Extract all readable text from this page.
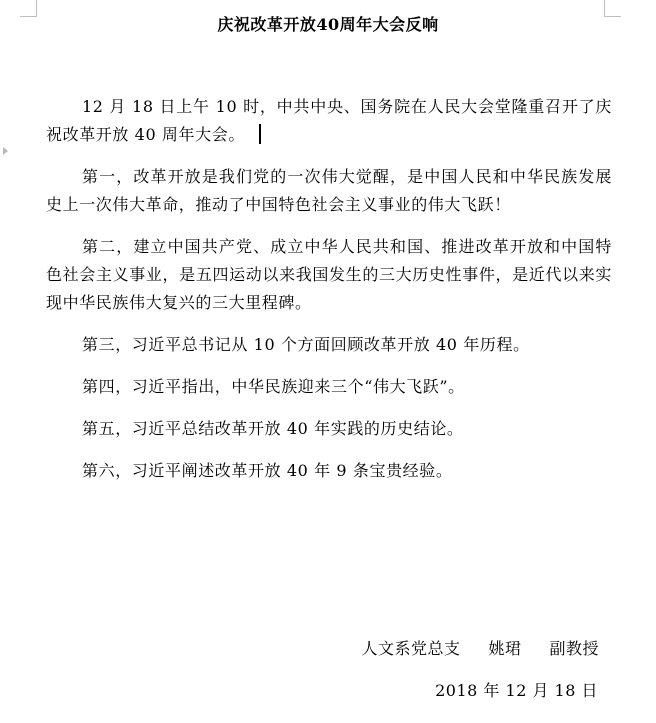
庆祝改革开放40周年大会反响

12 月 18 日上午 10 时，中共中央、国务院在人民大会堂隆重召开了庆祝改革开放 40 周年大会。

第一，改革开放是我们党的一次伟大觉醒，是中国人民和中华民族发展史上一次伟大革命，推动了中国特色社会主义事业的伟大飞跃！

第二，建立中国共产党、成立中华人民共和国、推进改革开放和中国特色社会主义事业，是五四运动以来我国发生的三大历史性事件，是近代以来实现中华民族伟大复兴的三大里程碑。

第三，习近平总书记从 10 个方面回顾改革开放 40 年历程。

第四，习近平指出，中华民族迎来三个“伟大飞跃”。

第五，习近平总结改革开放 40 年实践的历史结论。

第六，习近平阐述改革开放 40 年 9 条宝贵经验。

人文系党总支 姚珺 副教授
2018 年 12 月 18 日
